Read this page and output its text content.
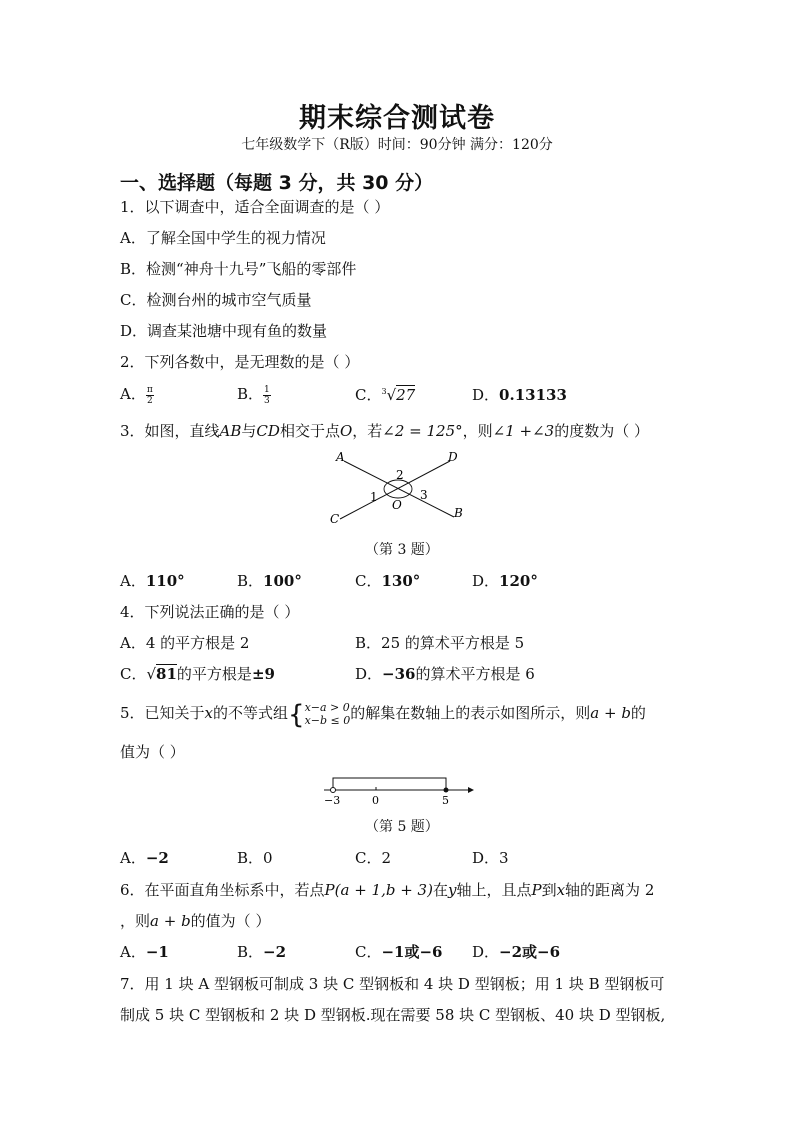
期末综合测试卷
七年级数学下（R版）时间：90分钟 满分：120分
一、选择题（每题 3 分，共 30 分）
1．以下调查中，适合全面调查的是（ ）
A．了解全国中学生的视力情况
B．检测“神舟十九号”飞船的零部件
C．检测台州的城市空气质量
D．调查某池塘中现有鱼的数量
2．下列各数中，是无理数的是（ ）
A． $\frac{\pi}{2}$	B． $\frac{1}{3}$	C．$^3$√27	D．0.13133
3．如图，直线AB与CD相交于点O，若∠2 = 125°，则∠1 +∠3的度数为（ ）
A	D
C	B
O
2
1	3
（第 3 题）
A．110°	B．100°	C．130°	D．120°
4．下列说法正确的是（ ）
A．4 的平方根是 2	B．25 的算术平方根是 5
C．√81的平方根是±9	D．−36的算术平方根是 6
5．已知关于x的不等式组{ x−a > 0
x−b ≤ 0 的解集在数轴上的表示如图所示，则a + b的
值为（ ）
−3	0	5
（第 5 题）
A．−2	B．0	C．2	D．3
6．在平面直角坐标系中，若点P(a + 1,b + 3)在y轴上，且点P到x轴的距离为 2
，则a + b的值为（ ）
A．−1	B．−2	C．−1或−6 D．−2或−6
7．用 1 块 A 型钢板可制成 3 块 C 型钢板和 4 块 D 型钢板；用 1 块 B 型钢板可
制成 5 块 C 型钢板和 2 块 D 型钢板.现在需要 58 块 C 型钢板、40 块 D 型钢板,
